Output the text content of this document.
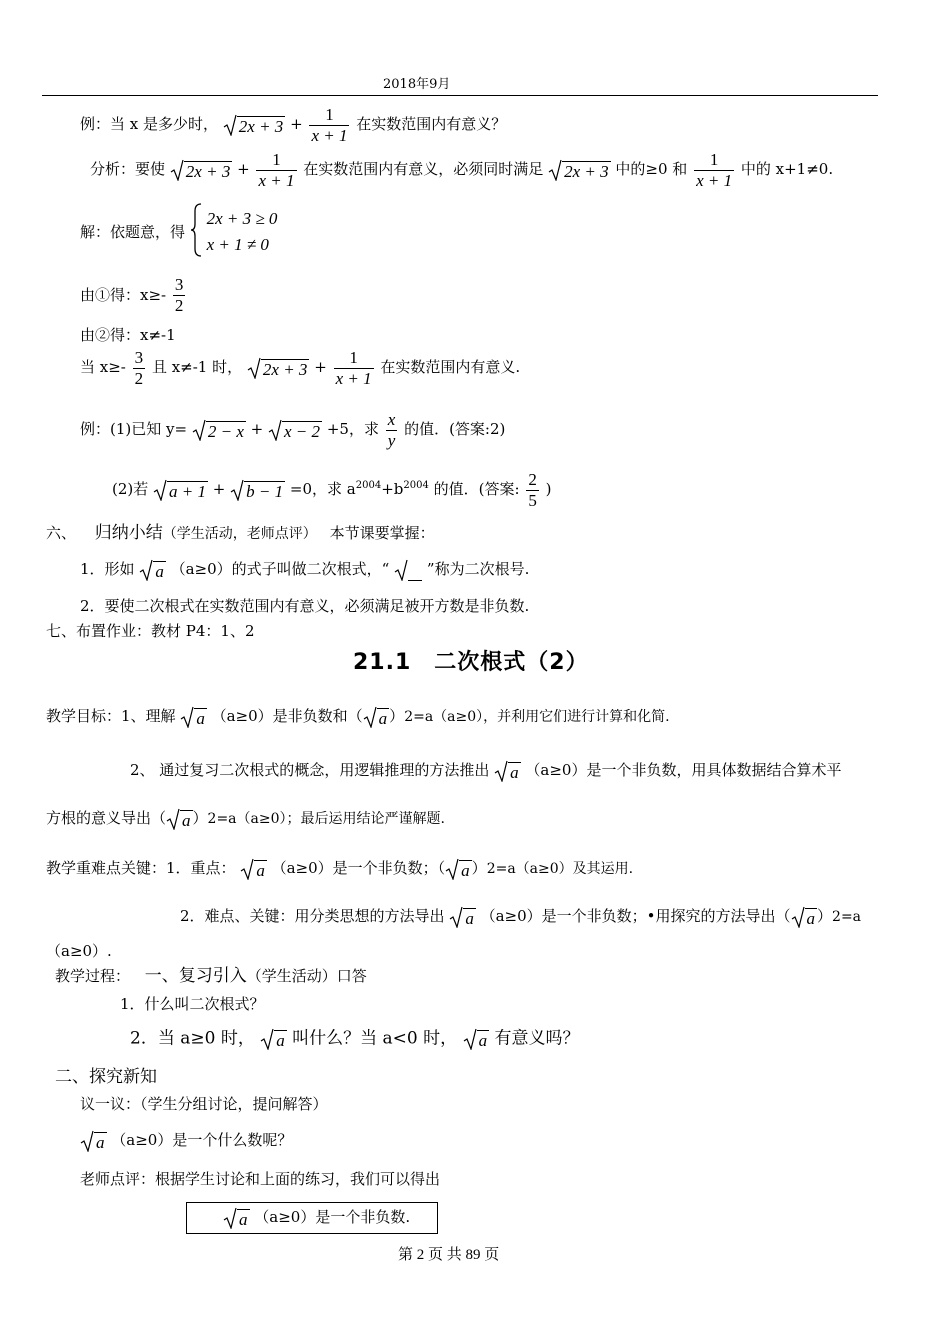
2018年9月
例：当 x 是多少时， $2x + 3 + \frac{1}{x + 1}$ 在实数范围内有意义？
分析：要使 $2x + 3 + \frac{1}{x + 1}$ 在实数范围内有意义，必须同时满足 2x + 3 中的≥0 和 $\frac{1}{x + 1}$ 中的 x+1≠0.
解：依题意，得
2x + 3 ≥ 0
x + 1 ≠ 0
由①得：$x\ge- \frac{3}{2}$
由②得：x≠-1
当 $x\ge- \frac{3}{2}$ 且 x≠-1 时， $2x + 3 + \frac{1}{x + 1}$ 在实数范围内有意义.
例：(1)已知 y= 2 − x + x − 2 +5，求 $\frac{x}{y}$ 的值．(答案:2)
(2)若 a + 1 + b − 1 =0，求 $a^{2004}+b^{2004}$ 的值．(答案: $\frac{2}{5}$ )
六、 归纳小结（学生活动，老师点评） 本节课要掌握：
1．形如 a （a≥0）的式子叫做二次根式，“	”称为二次根号.
2．要使二次根式在实数范围内有意义，必须满足被开方数是非负数.
七、布置作业：教材 P4：1、2
21.1　二次根式（2）
教学目标：1、理解 a （a≥0）是非负数和（ a ）2=a（a≥0），并利用它们进行计算和化简.
2、 通过复习二次根式的概念，用逻辑推理的方法推出 a （a≥0）是一个非负数，用具体数据结合算术平
方根的意义导出（ a ）2=a（a≥0）；最后运用结论严谨解题.
教学重难点关键：1．重点： a （a≥0）是一个非负数；（ a ）2=a（a≥0）及其运用.
2．难点、关键：用分类思想的方法导出 a （a≥0）是一个非负数；•用探究的方法导出（ a ）2=a
（a≥0）.
教学过程： 一、复习引入（学生活动）口答
1．什么叫二次根式？
2．当 a≥0 时， a 叫什么？当 a<0 时， a 有意义吗？
二、探究新知
议一议：（学生分组讨论，提问解答）
a （a≥0）是一个什么数呢？
老师点评：根据学生讨论和上面的练习，我们可以得出
a （a≥0）是一个非负数.
第 2 页 共 89 页
